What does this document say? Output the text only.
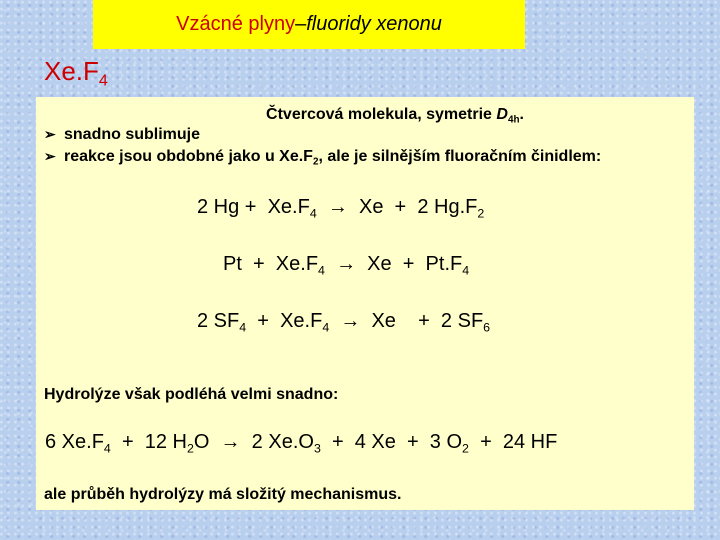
Vzácné plyny – fluoridy xenonu
$Xe.F_4$
Čtvercová molekula, symetrie $D_{4h}$.
➢ snadno sublimuje
➢ reakce jsou obdobné jako u $Xe.F_2$, ale je silnějším fluoračním činidlem:
2 $Hg + Xe.F_4 \to Xe + 2$ $Hg.F_2$
$Pt + Xe.F_4 \to Xe + Pt.F_4$
2 $SF_4 + Xe.F_4 \to Xe$    +  2 $SF_6$
Hydrolýze však podléhá velmi snadno:
6 $Xe.F_4 + 12$ $H_2O \to 2$ $Xe.O_3 + 4$ Xe  +  3 $O_2 + 24$ HF
ale průběh hydrolýzy má složitý mechanismus.
